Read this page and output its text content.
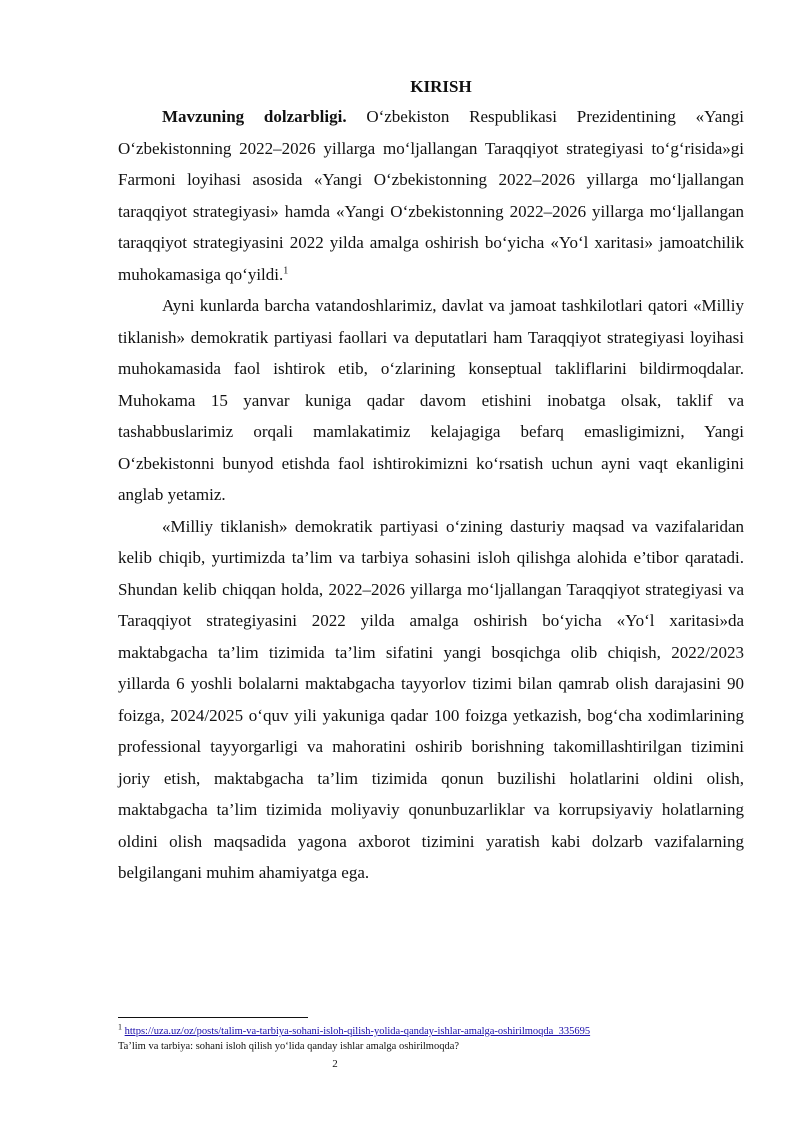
KIRISH

Mavzuning dolzarbligi. O‘zbekiston Respublikasi Prezidentining «Yangi O‘zbekistonning 2022–2026 yillarga mo‘ljallangan Taraqqiyot strategiyasi to‘g‘risida»gi Farmoni loyihasi asosida «Yangi O‘zbekistonning 2022–2026 yillarga mo‘ljallangan taraqqiyot strategiyasi» hamda «Yangi O‘zbekistonning 2022–2026 yillarga mo‘ljallangan taraqqiyot strategiyasini 2022 yilda amalga oshirish bo‘yicha «Yo‘l xaritasi» jamoatchilik muhokamasiga qo‘yildi.$^1$

Ayni kunlarda barcha vatandoshlarimiz, davlat va jamoat tashkilotlari qatori «Milliy tiklanish» demokratik partiyasi faollari va deputatlari ham Taraqqiyot strategiyasi loyihasi muhokamasida faol ishtirok etib, o‘zlarining konseptual takliflarini bildirmoqdalar. Muhokama 15 yanvar kuniga qadar davom etishini inobatga olsak, taklif va tashabbuslarimiz orqali mamlakatimiz kelajagiga befarq emasligimizni, Yangi O‘zbekistonni bunyod etishda faol ishtirokimizni ko‘rsatish uchun ayni vaqt ekanligini anglab yetamiz.

«Milliy tiklanish» demokratik partiyasi o‘zining dasturiy maqsad va vazifalaridan kelib chiqib, yurtimizda ta’lim va tarbiya sohasini isloh qilishga alohida e’tibor qaratadi. Shundan kelib chiqqan holda, 2022–2026 yillarga mo‘ljallangan Taraqqiyot strategiyasi va Taraqqiyot strategiyasini 2022 yilda amalga oshirish bo‘yicha «Yo‘l xaritasi»da maktabgacha ta’lim tizimida ta’lim sifatini yangi bosqichga olib chiqish, 2022/2023 yillarda 6 yoshli bolalarni maktabgacha tayyorlov tizimi bilan qamrab olish darajasini 90 foizga, 2024/2025 o‘quv yili yakuniga qadar 100 foizga yetkazish, bog‘cha xodimlarining professional tayyorgarligi va mahoratini oshirib borishning takomillashtirilgan tizimini joriy etish, maktabgacha ta’lim tizimida qonun buzilishi holatlarini oldini olish, maktabgacha ta’lim tizimida moliyaviy qonunbuzarliklar va korrupsiyaviy holatlarning oldini olish maqsadida yagona axborot tizimini yaratish kabi dolzarb vazifalarning belgilangani muhim ahamiyatga ega.

$^1$ https://uza.uz/oz/posts/talim-va-tarbiya-sohani-isloh-qilish-yolida-qanday-ishlar-amalga-oshirilmoqda_335695
Ta’lim va tarbiya: sohani isloh qilish yo‘lida qanday ishlar amalga oshirilmoqda?
2
